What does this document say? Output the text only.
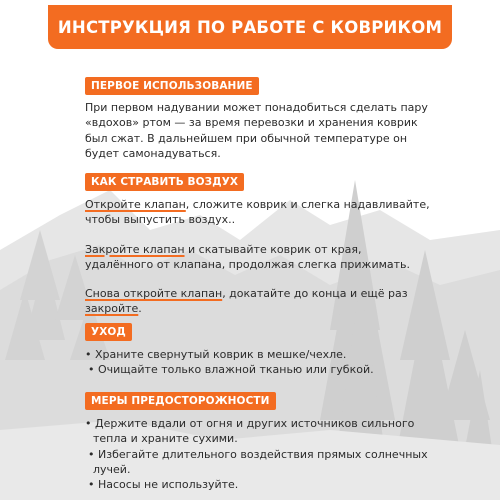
ИНСТРУКЦИЯ ПО РАБОТЕ С КОВРИКОМ
ПЕРВОЕ ИСПОЛЬЗОВАНИЕ

При первом надувании может понадобиться сделать пару

«вдохов» ртом — за время перевозки и хранения коврик

был сжат. В дальнейшем при обычной температуре он

будет самонадуваться.

КАК СТРАВИТЬ ВОЗДУХ

Откройте клапан, сложите коврик и слегка надавливайте,

чтобы выпустить воздух..

Закройте клапан и скатывайте коврик от края,

удалённого от клапана, продолжая слегка прижимать.

Снова откройте клапан, докатайте до конца и ещё раз

закройте.

УХОД

• Храните свернутый коврик в мешке/чехле.

• Очищайте только влажной тканью или губкой.

МЕРЫ ПРЕДОСТОРОЖНОСТИ

• Держите вдали от огня и других источников сильного

тепла и храните сухими.

• Избегайте длительного воздействия прямых солнечных

лучей.

• Насосы не используйте.
